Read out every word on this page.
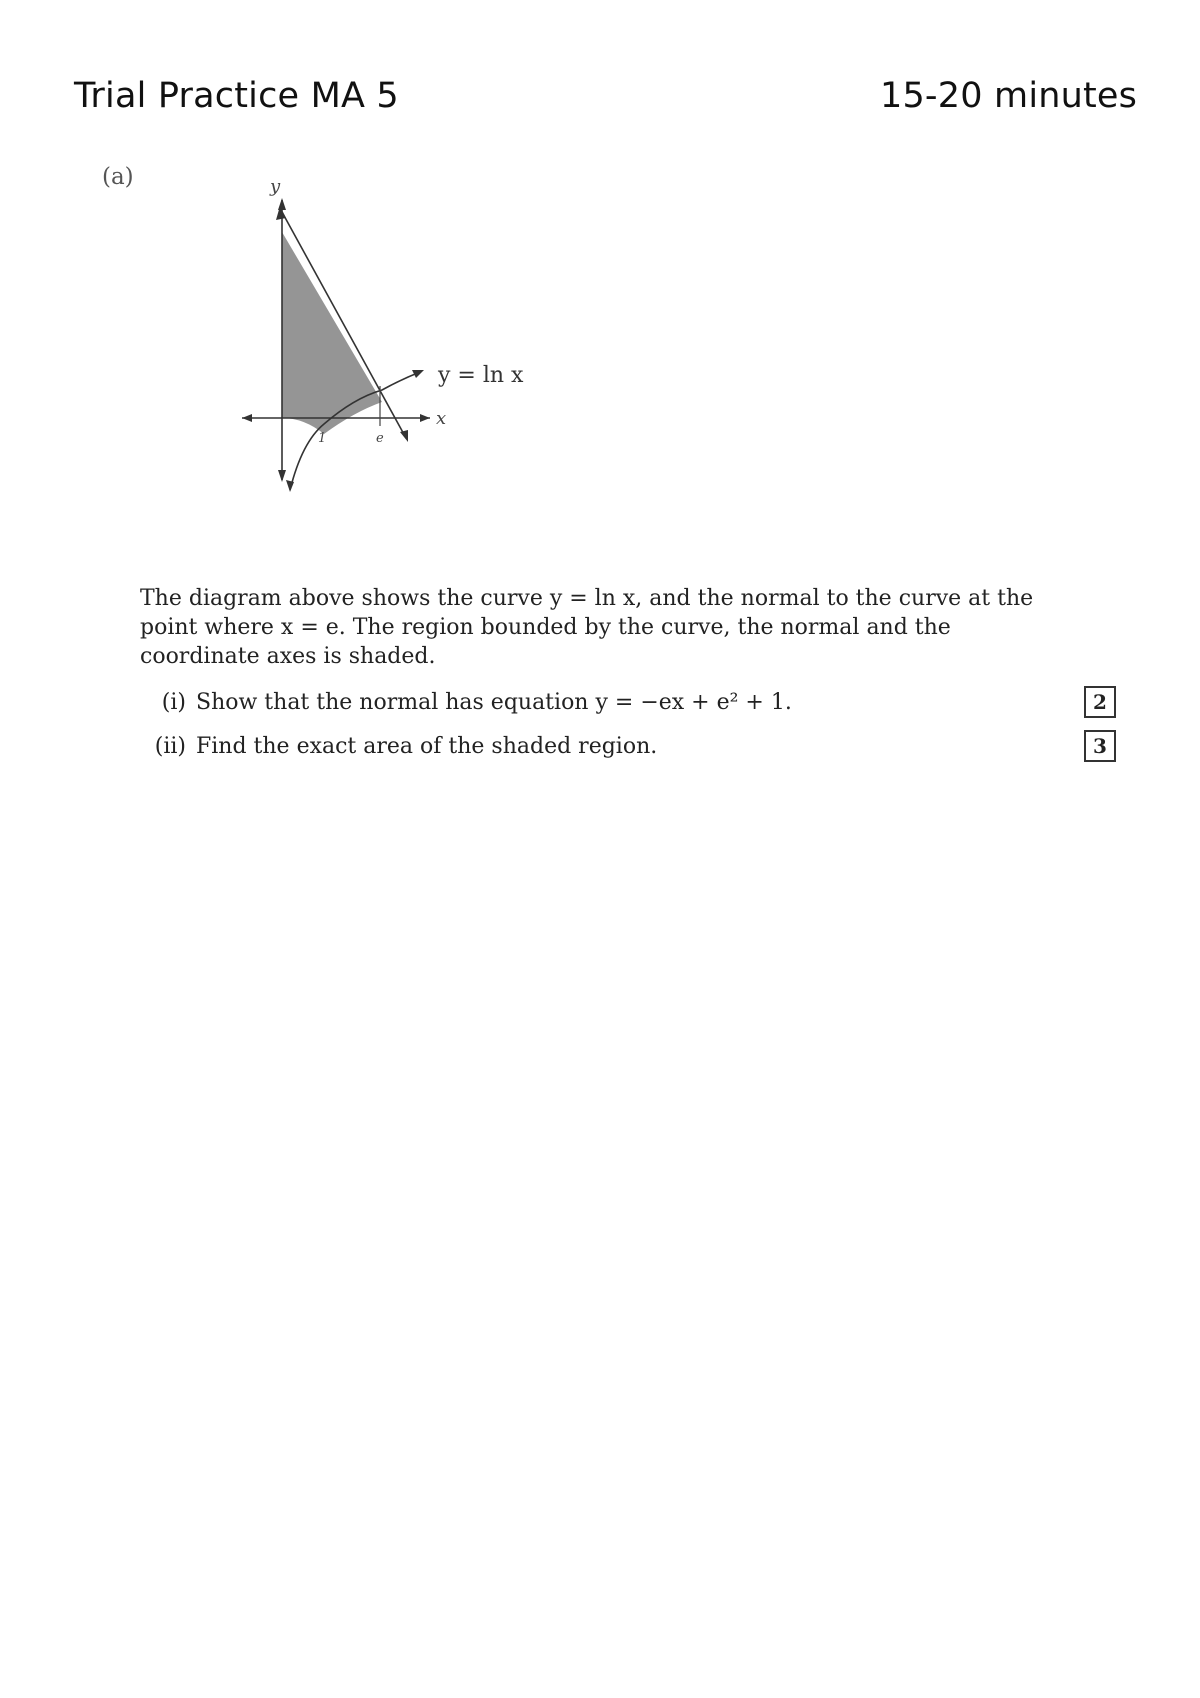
Trial Practice MA 5	15-20 minutes
(a)	y
x
y = ln x
1	e
The diagram above shows the curve y = ln x, and the normal to the curve at the point where x = e. The region bounded by the curve, the normal and the coordinate axes is shaded.
(i) Show that the normal has equation y = −ex + e² + 1.	2
(ii) Find the exact area of the shaded region.	3
